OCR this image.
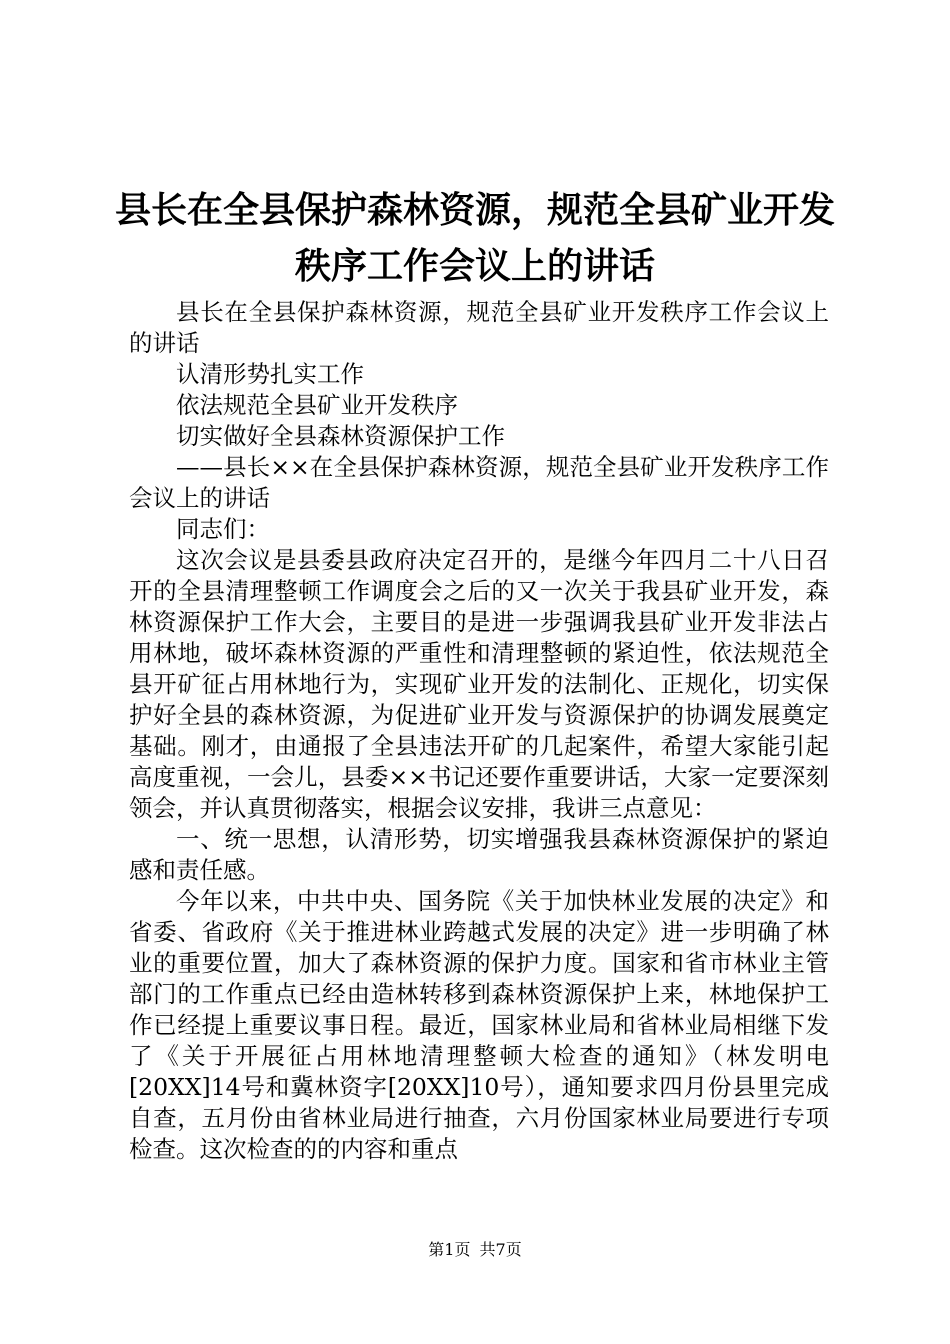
县长在全县保护森林资源，规范全县矿业开发
秩序工作会议上的讲话

县长在全县保护森林资源，规范全县矿业开发秩序工作会议上的讲话

认清形势扎实工作

依法规范全县矿业开发秩序

切实做好全县森林资源保护工作

——县长××在全县保护森林资源，规范全县矿业开发秩序工作会议上的讲话

同志们：

这次会议是县委县政府决定召开的，是继今年四月二十八日召开的全县清理整顿工作调度会之后的又一次关于我县矿业开发，森林资源保护工作大会，主要目的是进一步强调我县矿业开发非法占用林地，破坏森林资源的严重性和清理整顿的紧迫性，依法规范全县开矿征占用林地行为，实现矿业开发的法制化、正规化，切实保护好全县的森林资源，为促进矿业开发与资源保护的协调发展奠定基础。刚才，由通报了全县违法开矿的几起案件，希望大家能引起高度重视，一会儿，县委××书记还要作重要讲话，大家一定要深刻领会，并认真贯彻落实，根据会议安排，我讲三点意见：

一、统一思想，认清形势，切实增强我县森林资源保护的紧迫感和责任感。

今年以来，中共中央、国务院《关于加快林业发展的决定》和省委、省政府《关于推进林业跨越式发展的决定》进一步明确了林业的重要位置，加大了森林资源的保护力度。国家和省市林业主管部门的工作重点已经由造林转移到森林资源保护上来，林地保护工作已经提上重要议事日程。最近，国家林业局和省林业局相继下发了《关于开展征占用林地清理整顿大检查的通知》（林发明电[20XX]14号和冀林资字[20XX]10号），通知要求四月份县里完成自查，五月份由省林业局进行抽查，六月份国家林业局要进行专项检查。这次检查的的内容和重点

第1页 共7页
